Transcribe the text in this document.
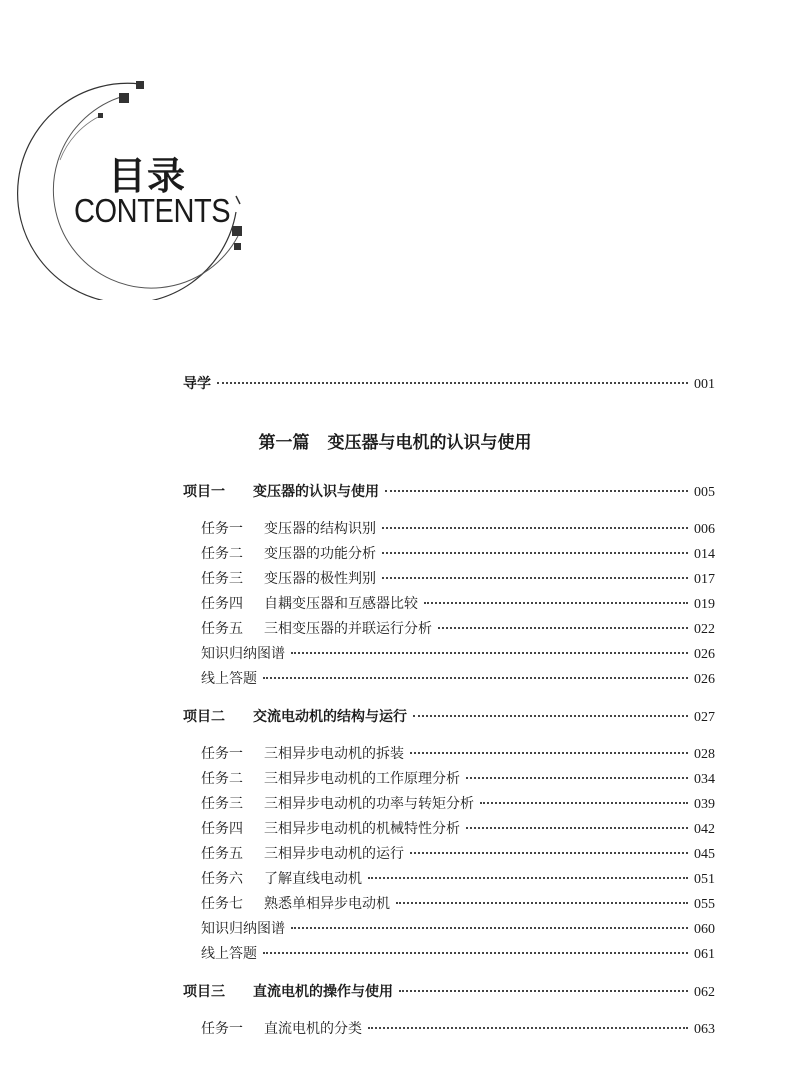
目录
CONTENTS
导学	001
第一篇 变压器与电机的认识与使用
项目一	变压器的认识与使用	005
任务一	变压器的结构识别	006
任务二	变压器的功能分析	014
任务三	变压器的极性判别	017
任务四	自耦变压器和互感器比较	019
任务五	三相变压器的并联运行分析	022
知识归纳图谱	026
线上答题	026
项目二	交流电动机的结构与运行	027
任务一	三相异步电动机的拆装	028
任务二	三相异步电动机的工作原理分析	034
任务三	三相异步电动机的功率与转矩分析	039
任务四	三相异步电动机的机械特性分析	042
任务五	三相异步电动机的运行	045
任务六	了解直线电动机	051
任务七	熟悉单相异步电动机	055
知识归纳图谱	060
线上答题	061
项目三	直流电机的操作与使用	062
任务一	直流电机的分类	063
